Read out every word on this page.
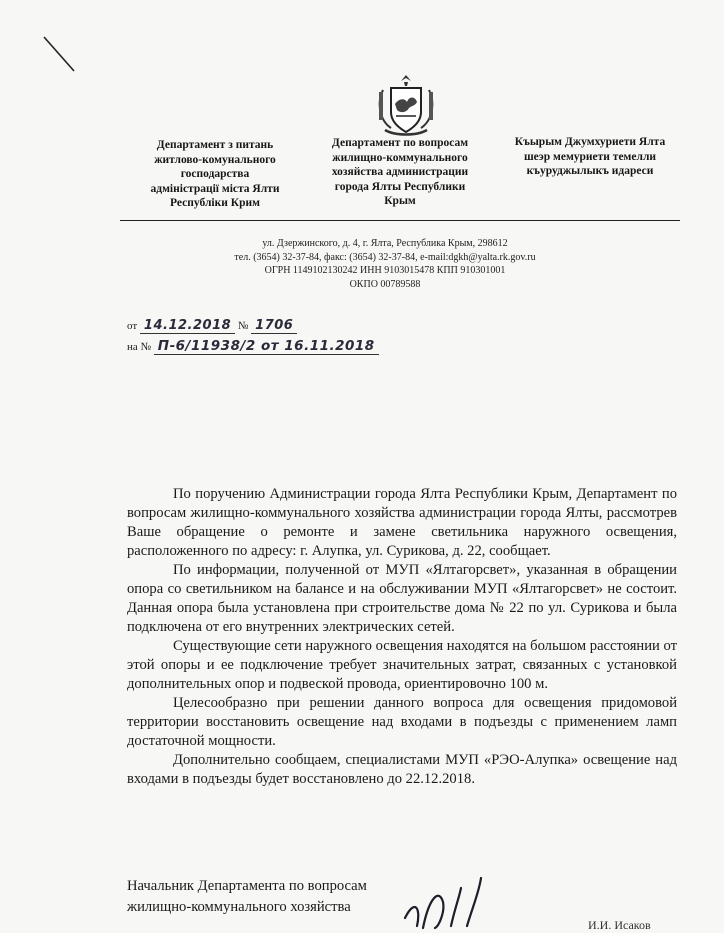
Департамент з питань
житлово-комунального
господарства
адміністрації міста Ялти
Республіки Крим
Департамент по вопросам
жилищно-коммунального
хозяйства администрации
города Ялты Республики
Крым
Къырым Джумхуриети Ялта
шеэр мемуриети темелли
къуруджылыкъ идареси
ул. Дзержинского, д. 4, г. Ялта, Республика Крым, 298612
тел. (3654) 32-37-84, факс: (3654) 32-37-84, e-mail:dgkh@yalta.rk.gov.ru
ОГРН 1149102130242 ИНН 9103015478 КПП 910301001
ОКПО 00789588
от 14.12.2018 № 1706
на № П-6/11938/2 от 16.11.2018

По поручению Администрации города Ялта Республики Крым, Департамент по вопросам жилищно-коммунального хозяйства администрации города Ялты, рассмотрев Ваше обращение о ремонте и замене светильника наружного освещения, расположенного по адресу: г. Алупка, ул. Сурикова, д. 22, сообщает.

По информации, полученной от МУП «Ялтагорсвет», указанная в обращении опора со светильником на балансе и на обслуживании МУП «Ялтагорсвет» не состоит. Данная опора была установлена при строительстве дома № 22 по ул. Сурикова и была подключена от его внутренних электрических сетей.

Существующие сети наружного освещения находятся на большом расстоянии от этой опоры и ее подключение требует значительных затрат, связанных с установкой дополнительных опор и подвеской провода, ориентировочно 100 м.

Целесообразно при решении данного вопроса для освещения придомовой территории восстановить освещение над входами в подъезды с применением ламп достаточной мощности.

Дополнительно сообщаем, специалистами МУП «РЭО-Алупка» освещение над входами в подъезды будет восстановлено до 22.12.2018.

Начальник Департамента по вопросам
жилищно-коммунального хозяйства
И.И. Исаков
